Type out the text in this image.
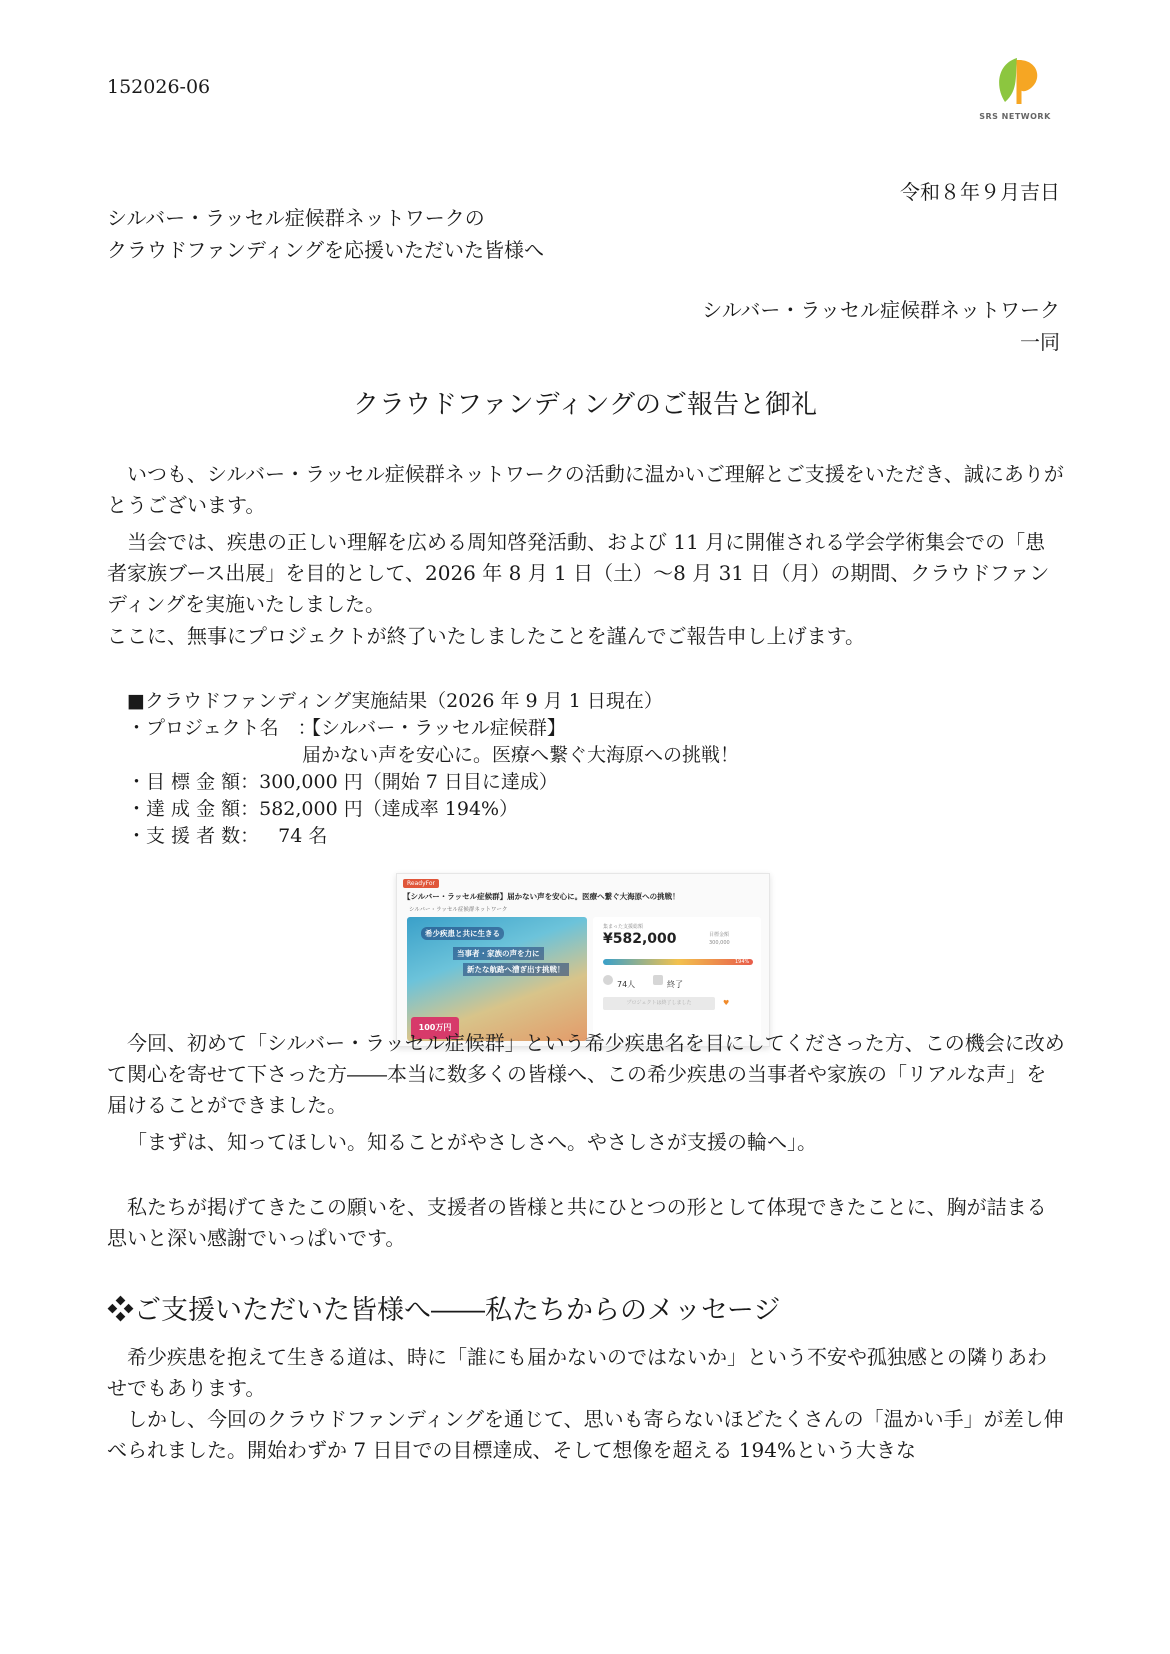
152026-06
SRS NETWORK
令和８年９月吉日
シルバー・ラッセル症候群ネットワークの
クラウドファンディングを応援いただいた皆様へ
シルバー・ラッセル症候群ネットワーク
一同
クラウドファンディングのご報告と御礼

いつも、シルバー・ラッセル症候群ネットワークの活動に温かいご理解とご支援をいただき、誠にありがとうございます。

当会では、疾患の正しい理解を広める周知啓発活動、および 11 月に開催される学会学術集会での「患者家族ブース出展」を目的として、2026 年 8 月 1 日（土）～8 月 31 日（月）の期間、クラウドファンディングを実施いたしました。

ここに、無事にプロジェクトが終了いたしましたことを謹んでご報告申し上げます。

■クラウドファンディング実施結果（2026 年 9 月 1 日現在）
・プロジェクト名　：
【シルバー・ラッセル症候群】
届かない声を安心に。医療へ繋ぐ大海原への挑戦！
・目 標 金 額： 300,000 円（開始 7 日目に達成）
・達 成 金 額： 582,000 円（達成率 194%）
・支 援 者 数： 　74 名
ReadyFor
【シルバー・ラッセル症候群】届かない声を安心に。医療へ繋ぐ大海原への挑戦！
シルバー・ラッセル症候群ネットワーク
希少疾患と共に生きる
当事者・家族の声を力に
新たな航路へ漕ぎ出す挑戦！
100万円
集まった支援総額
¥582,000	目標金額
300,000
194%
74人	終了
プロジェクトは終了しました	♥

今回、初めて「シルバー・ラッセル症候群」という希少疾患名を目にしてくださった方、この機会に改めて関心を寄せて下さった方――本当に数多くの皆様へ、この希少疾患の当事者や家族の「リアルな声」を届けることができました。

「まずは、知ってほしい。知ることがやさしさへ。やさしさが支援の輪へ」。

私たちが掲げてきたこの願いを、支援者の皆様と共にひとつの形として体現できたことに、胸が詰まる思いと深い感謝でいっぱいです。

❖ご支援いただいた皆様へ――私たちからのメッセージ

希少疾患を抱えて生きる道は、時に「誰にも届かないのではないか」という不安や孤独感との隣りあわせでもあります。

しかし、今回のクラウドファンディングを通じて、思いも寄らないほどたくさんの「温かい手」が差し伸べられました。開始わずか 7 日目での目標達成、そして想像を超える 194%という大きな
